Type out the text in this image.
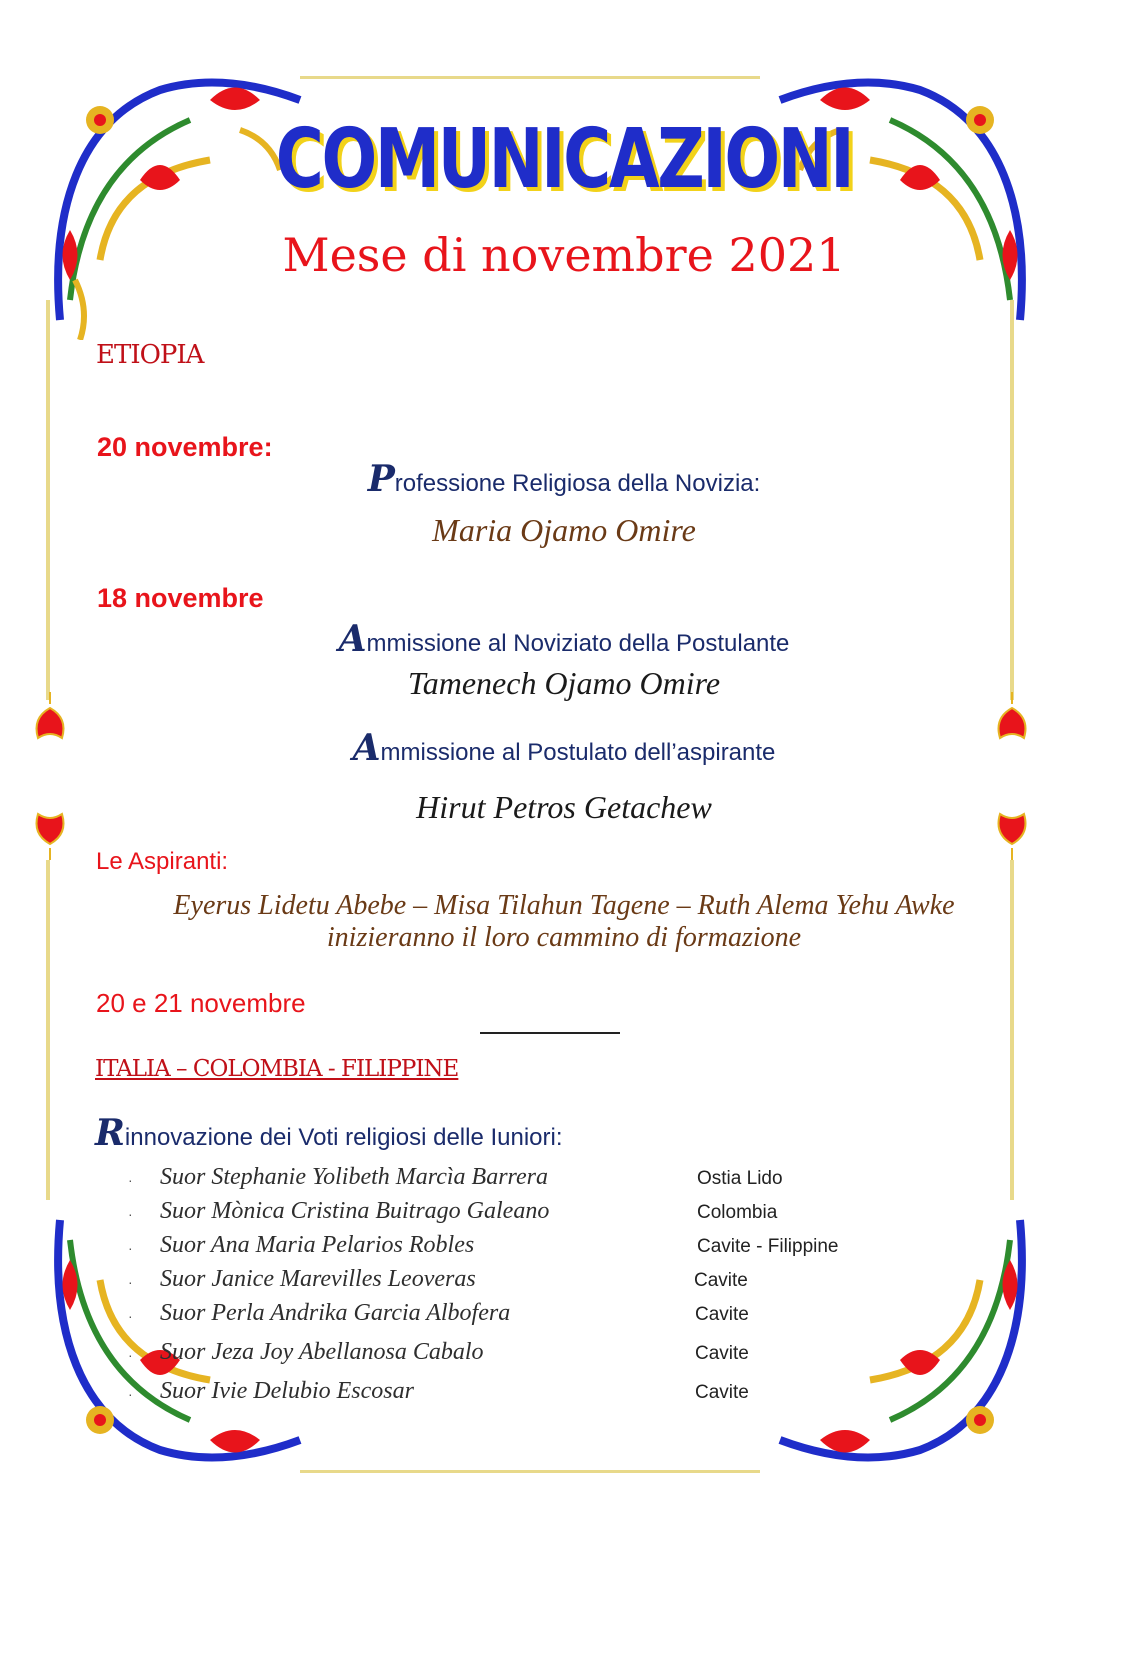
COMUNICAZIONI
Mese di novembre 2021
ETIOPIA
20 novembre:
Professione Religiosa della Novizia:
Maria Ojamo Omire
18 novembre
Ammissione al Noviziato della Postulante
Tamenech Ojamo Omire
Ammissione al Postulato dell’aspirante
Hirut Petros Getachew
Le Aspiranti:
Eyerus Lidetu Abebe – Misa Tilahun Tagene – Ruth Alema Yehu Awke
inizieranno il loro cammino di formazione
20 e 21 novembre
ITALIA – COLOMBIA - FILIPPINE
Rinnovazione dei Voti religiosi delle Iuniori:
· Suor Stephanie Yolibeth Marcìa Barrera	Ostia Lido
· Suor Mònica Cristina Buitrago Galeano	Colombia
· Suor Ana Maria Pelarios Robles	Cavite - Filippine
· Suor Janice Marevilles Leoveras	Cavite
· Suor Perla Andrika Garcia Albofera	Cavite
· Suor Jeza Joy Abellanosa Cabalo	Cavite
· Suor Ivie Delubio Escosar	Cavite
